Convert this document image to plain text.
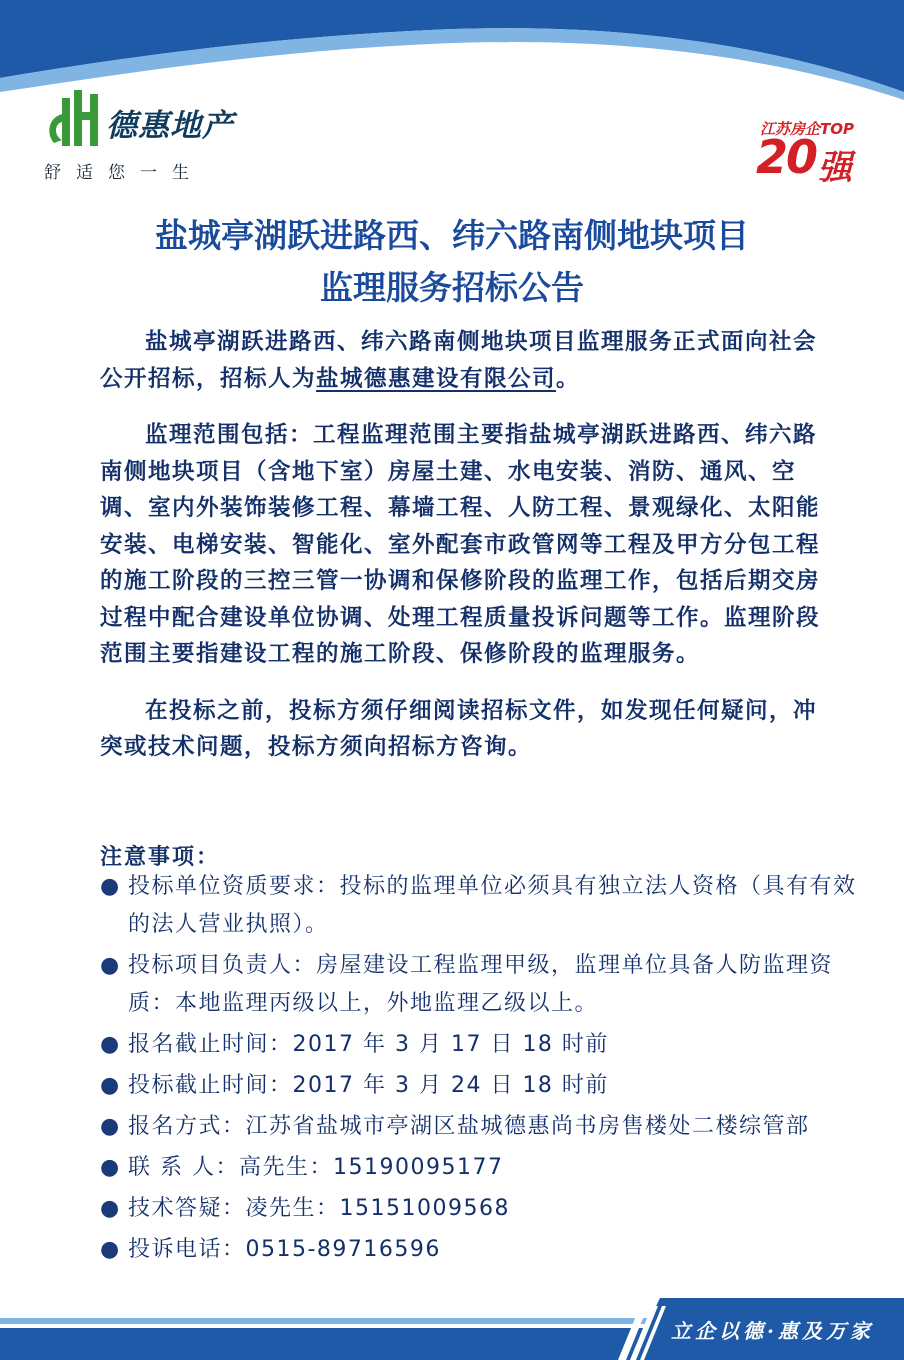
德惠地产
舒适您一生
江苏房企TOP
20 强
盐城亭湖跃进路西、纬六路南侧地块项目
监理服务招标公告

盐城亭湖跃进路西、纬六路南侧地块项目监理服务正式面向社会公开招标，招标人为盐城德惠建设有限公司。

监理范围包括：工程监理范围主要指盐城亭湖跃进路西、纬六路南侧地块项目（含地下室）房屋土建、水电安装、消防、通风、空调、室内外装饰装修工程、幕墙工程、人防工程、景观绿化、太阳能安装、电梯安装、智能化、室外配套市政管网等工程及甲方分包工程的施工阶段的三控三管一协调和保修阶段的监理工作，包括后期交房过程中配合建设单位协调、处理工程质量投诉问题等工作。监理阶段范围主要指建设工程的施工阶段、保修阶段的监理服务。

在投标之前，投标方须仔细阅读招标文件，如发现任何疑问，冲突或技术问题，投标方须向招标方咨询。

注意事项：
● 投标单位资质要求：投标的监理单位必须具有独立法人资格（具有有效的法人营业执照）。
● 投标项目负责人：房屋建设工程监理甲级，监理单位具备人防监理资质：本地监理丙级以上，外地监理乙级以上。
● 报名截止时间：2017 年 3 月 17 日 18 时前
● 投标截止时间：2017 年 3 月 24 日 18 时前
● 报名方式：江苏省盐城市亭湖区盐城德惠尚书房售楼处二楼综管部
● 联 系 人：高先生：15190095177
● 技术答疑：凌先生：15151009568
● 投诉电话：0515-89716596
立企以德·惠及万家
